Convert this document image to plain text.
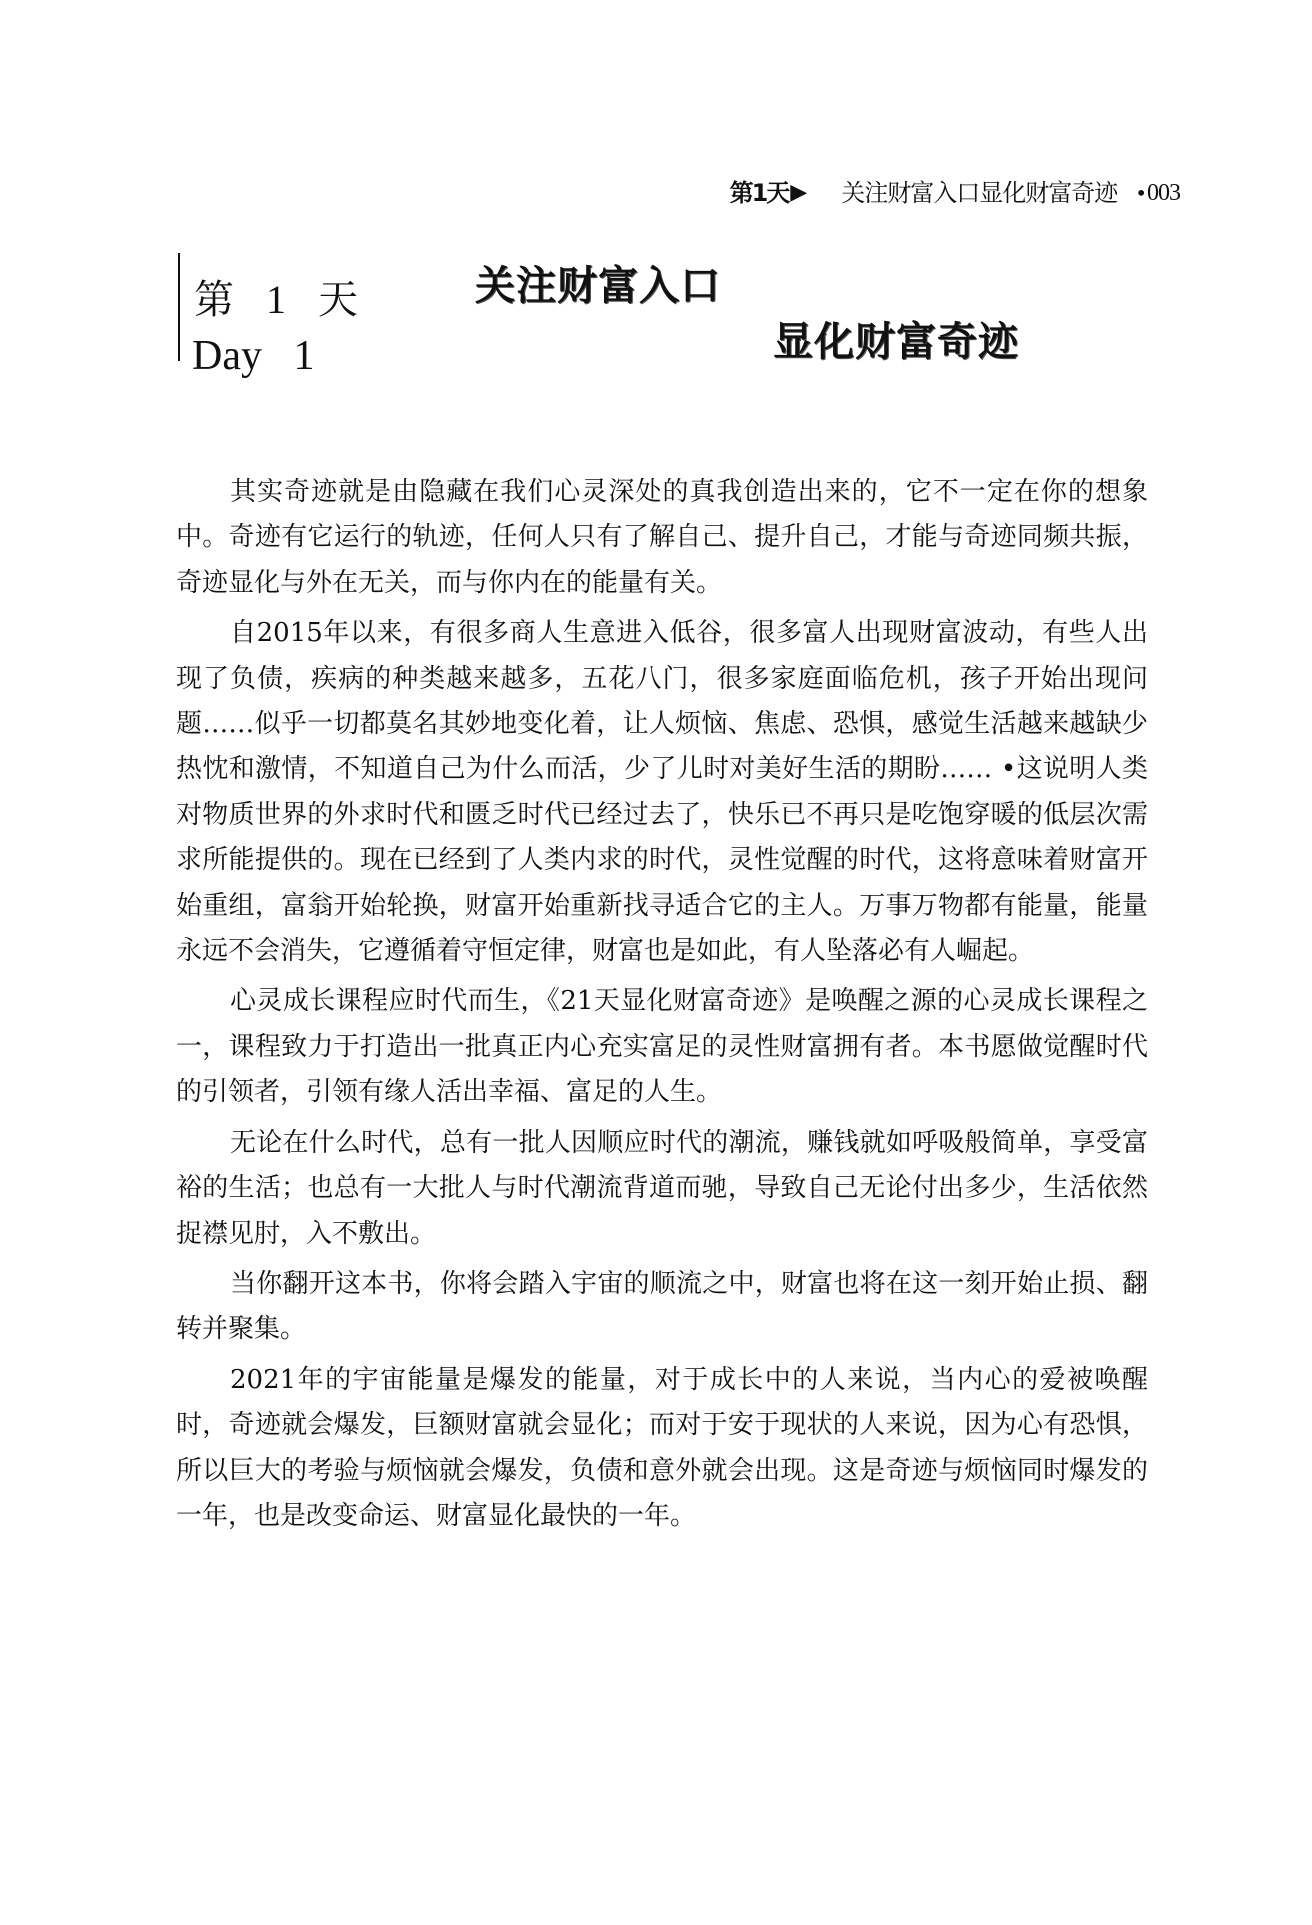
第1天 ▶ 关注财富入口显化财富奇迹 • 003
第 1 天
Day   1
关注财富入口
显化财富奇迹

其实奇迹就是由隐藏在我们心灵深处的真我创造出来的，它不一定在你的想象中。奇迹有它运行的轨迹，任何人只有了解自己、提升自己，才能与奇迹同频共振，奇迹显化与外在无关，而与你内在的能量有关。

自2015年以来，有很多商人生意进入低谷，很多富人出现财富波动，有些人出现了负债，疾病的种类越来越多，五花八门，很多家庭面临危机，孩子开始出现问题……似乎一切都莫名其妙地变化着，让人烦恼、焦虑、恐惧，感觉生活越来越缺少热忱和激情，不知道自己为什么而活，少了儿时对美好生活的期盼…… •这说明人类对物质世界的外求时代和匮乏时代已经过去了，快乐已不再只是吃饱穿暖的低层次需求所能提供的。现在已经到了人类内求的时代，灵性觉醒的时代，这将意味着财富开始重组，富翁开始轮换，财富开始重新找寻适合它的主人。万事万物都有能量，能量永远不会消失，它遵循着守恒定律，财富也是如此，有人坠落必有人崛起。

心灵成长课程应时代而生，《21天显化财富奇迹》是唤醒之源的心灵成长课程之一，课程致力于打造出一批真正内心充实富足的灵性财富拥有者。本书愿做觉醒时代的引领者，引领有缘人活出幸福、富足的人生。

无论在什么时代，总有一批人因顺应时代的潮流，赚钱就如呼吸般简单，享受富裕的生活；也总有一大批人与时代潮流背道而驰，导致自己无论付出多少，生活依然捉襟见肘，入不敷出。

当你翻开这本书，你将会踏入宇宙的顺流之中，财富也将在这一刻开始止损、翻转并聚集。

2021年的宇宙能量是爆发的能量，对于成长中的人来说，当内心的爱被唤醒时，奇迹就会爆发，巨额财富就会显化；而对于安于现状的人来说，因为心有恐惧，所以巨大的考验与烦恼就会爆发，负债和意外就会出现。这是奇迹与烦恼同时爆发的一年，也是改变命运、财富显化最快的一年。
